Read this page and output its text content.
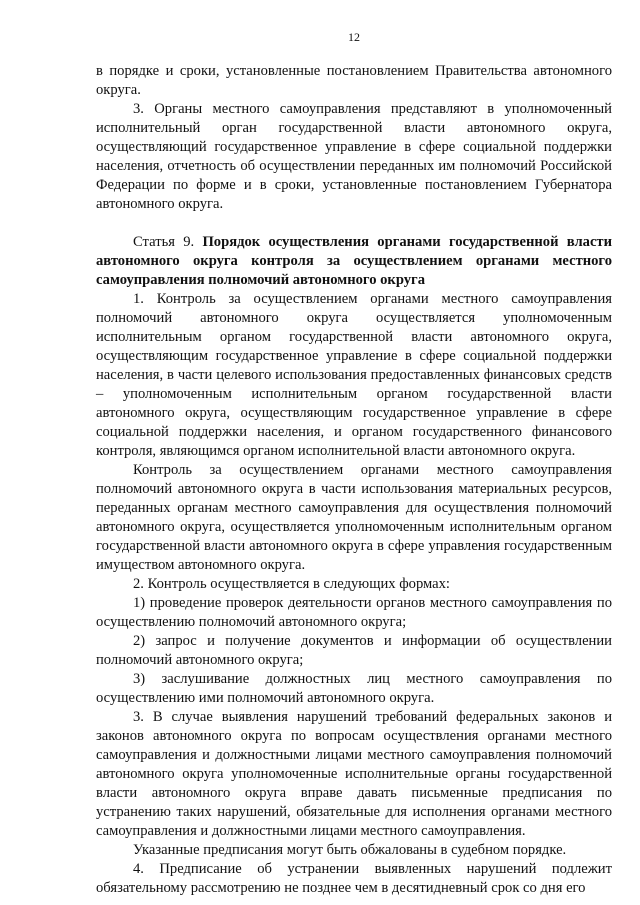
12

в порядке и сроки, установленные постановлением Правительства автономного округа.

3. Органы местного самоуправления представляют в уполномоченный исполнительный орган государственной власти автономного округа, осуществляющий государственное управление в сфере социальной поддержки населения, отчетность об осуществлении переданных им полномочий Российской Федерации по форме и в сроки, установленные постановлением Губернатора автономного округа.

Статья 9. Порядок осуществления органами государственной власти автономного округа контроля за осуществлением органами местного самоуправления полномочий автономного округа

1. Контроль за осуществлением органами местного самоуправления полномочий автономного округа осуществляется уполномоченным исполнительным органом государственной власти автономного округа, осуществляющим государственное управление в сфере социальной поддержки населения, в части целевого использования предоставленных финансовых средств – уполномоченным исполнительным органом государственной власти автономного округа, осуществляющим государственное управление в сфере социальной поддержки населения, и органом государственного финансового контроля, являющимся органом исполнительной власти автономного округа.

Контроль за осуществлением органами местного самоуправления полномочий автономного округа в части использования материальных ресурсов, переданных органам местного самоуправления для осуществления полномочий автономного округа, осуществляется уполномоченным исполнительным органом государственной власти автономного округа в сфере управления государственным имуществом автономного округа.

2. Контроль осуществляется в следующих формах:

1) проведение проверок деятельности органов местного самоуправления по осуществлению полномочий автономного округа;

2) запрос и получение документов и информации об осуществлении полномочий автономного округа;

3) заслушивание должностных лиц местного самоуправления по осуществлению ими полномочий автономного округа.

3. В случае выявления нарушений требований федеральных законов и законов автономного округа по вопросам осуществления органами местного самоуправления и должностными лицами местного самоуправления полномочий автономного округа уполномоченные исполнительные органы государственной власти автономного округа вправе давать письменные предписания по устранению таких нарушений, обязательные для исполнения органами местного самоуправления и должностными лицами местного самоуправления.

Указанные предписания могут быть обжалованы в судебном порядке.

4. Предписание об устранении выявленных нарушений подлежит обязательному рассмотрению не позднее чем в десятидневный срок со дня его
